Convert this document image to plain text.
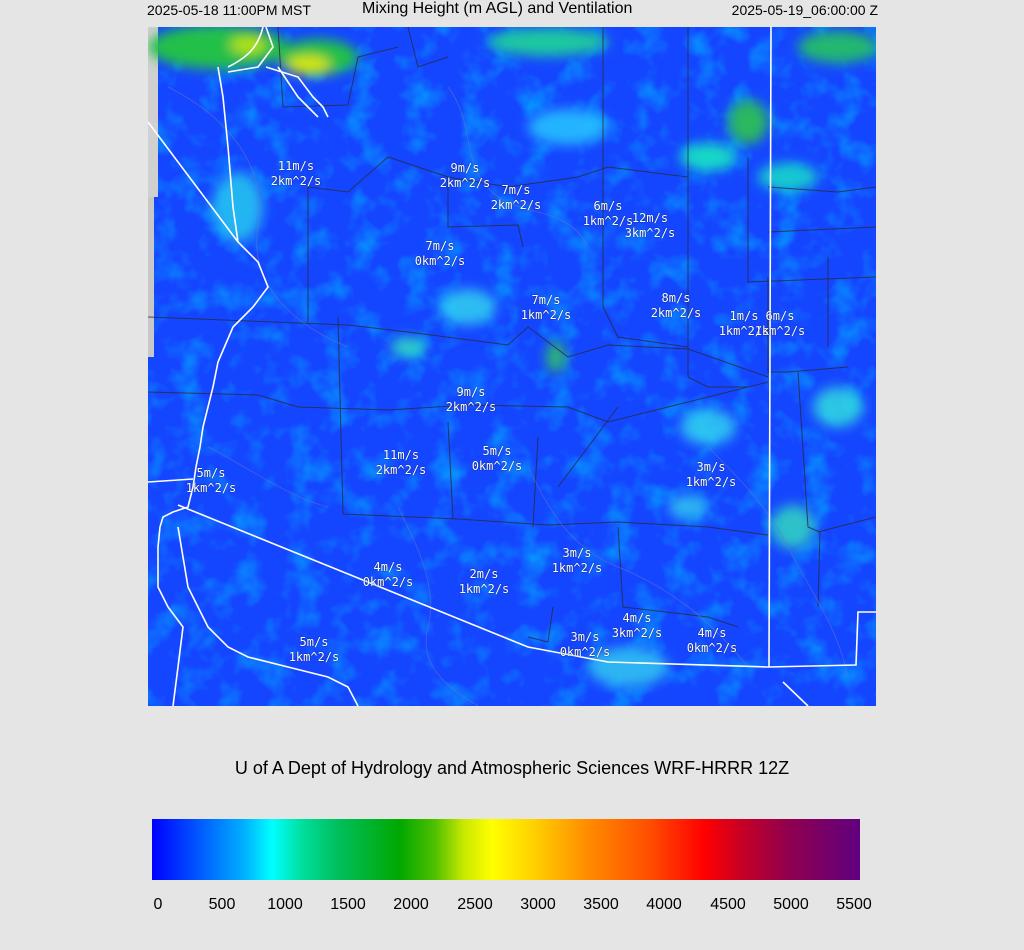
2025-05-18 11:00PM MST	Mixing Height (m AGL) and Ventilation	2025-05-19_06:00:00 Z
11m/s
2km^2/s
9m/s
2km^2/s 7m/s
2km^2/s	6m/s
1km^2/s
12m/s
3km^2/s
7m/s
0km^2/s
7m/s
1km^2/s
8m/s
2km^2/s	1m/s
1km^2/s
6m/s
1km^2/s
9m/s
2km^2/s
11m/s
2km^2/s
5m/s
0km^2/s
5m/s
1km^2/s
3m/s
1km^2/s
3m/s
1km^2/s
4m/s
0km^2/s
2m/s
1km^2/s
4m/s
3km^2/s
3m/s
0km^2/s
4m/s
0km^2/s
5m/s
1km^2/s
U of A Dept of Hydrology and Atmospheric Sciences WRF-HRRR 12Z
0	500 1000 1500 2000 2500 3000 3500 4000 4500 5000 5500
